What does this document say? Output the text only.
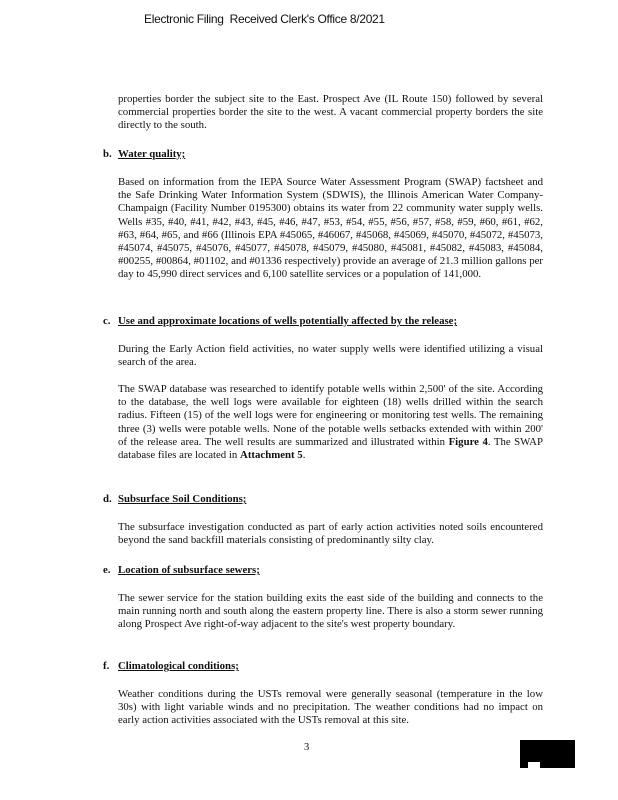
Electronic Filing Received Clerk's Office 8/2021

properties border the subject site to the East. Prospect Ave (IL Route 150) followed by several commercial properties border the site to the west. A vacant commercial property borders the site directly to the south.

b. Water quality;

Based on information from the IEPA Source Water Assessment Program (SWAP) factsheet and the Safe Drinking Water Information System (SDWIS), the Illinois American Water Company-Champaign (Facility Number 0195300) obtains its water from 22 community water supply wells. Wells #35, #40, #41, #42, #43, #45, #46, #47, #53, #54, #55, #56, #57, #58, #59, #60, #61, #62, #63, #64, #65, and #66 (Illinois EPA #45065, #46067, #45068, #45069, #45070, #45072, #45073, #45074, #45075, #45076, #45077, #45078, #45079, #45080, #45081, #45082, #45083, #45084, #00255, #00864, #01102, and #01336 respectively) provide an average of 21.3 million gallons per day to 45,990 direct services and 6,100 satellite services or a population of 141,000.

c. Use and approximate locations of wells potentially affected by the release;

During the Early Action field activities, no water supply wells were identified utilizing a visual search of the area.

The SWAP database was researched to identify potable wells within 2,500' of the site. According to the database, the well logs were available for eighteen (18) wells drilled within the search radius. Fifteen (15) of the well logs were for engineering or monitoring test wells. The remaining three (3) wells were potable wells. None of the potable wells setbacks extended with within 200' of the release area. The well results are summarized and illustrated within Figure 4. The SWAP database files are located in Attachment 5.

d. Subsurface Soil Conditions;

The subsurface investigation conducted as part of early action activities noted soils encountered beyond the sand backfill materials consisting of predominantly silty clay.

e. Location of subsurface sewers;

The sewer service for the station building exits the east side of the building and connects to the main running north and south along the eastern property line. There is also a storm sewer running along Prospect Ave right-of-way adjacent to the site's west property boundary.

f. Climatological conditions;

Weather conditions during the USTs removal were generally seasonal (temperature in the low 30s) with light variable winds and no precipitation. The weather conditions had no impact on early action activities associated with the USTs removal at this site.

3
